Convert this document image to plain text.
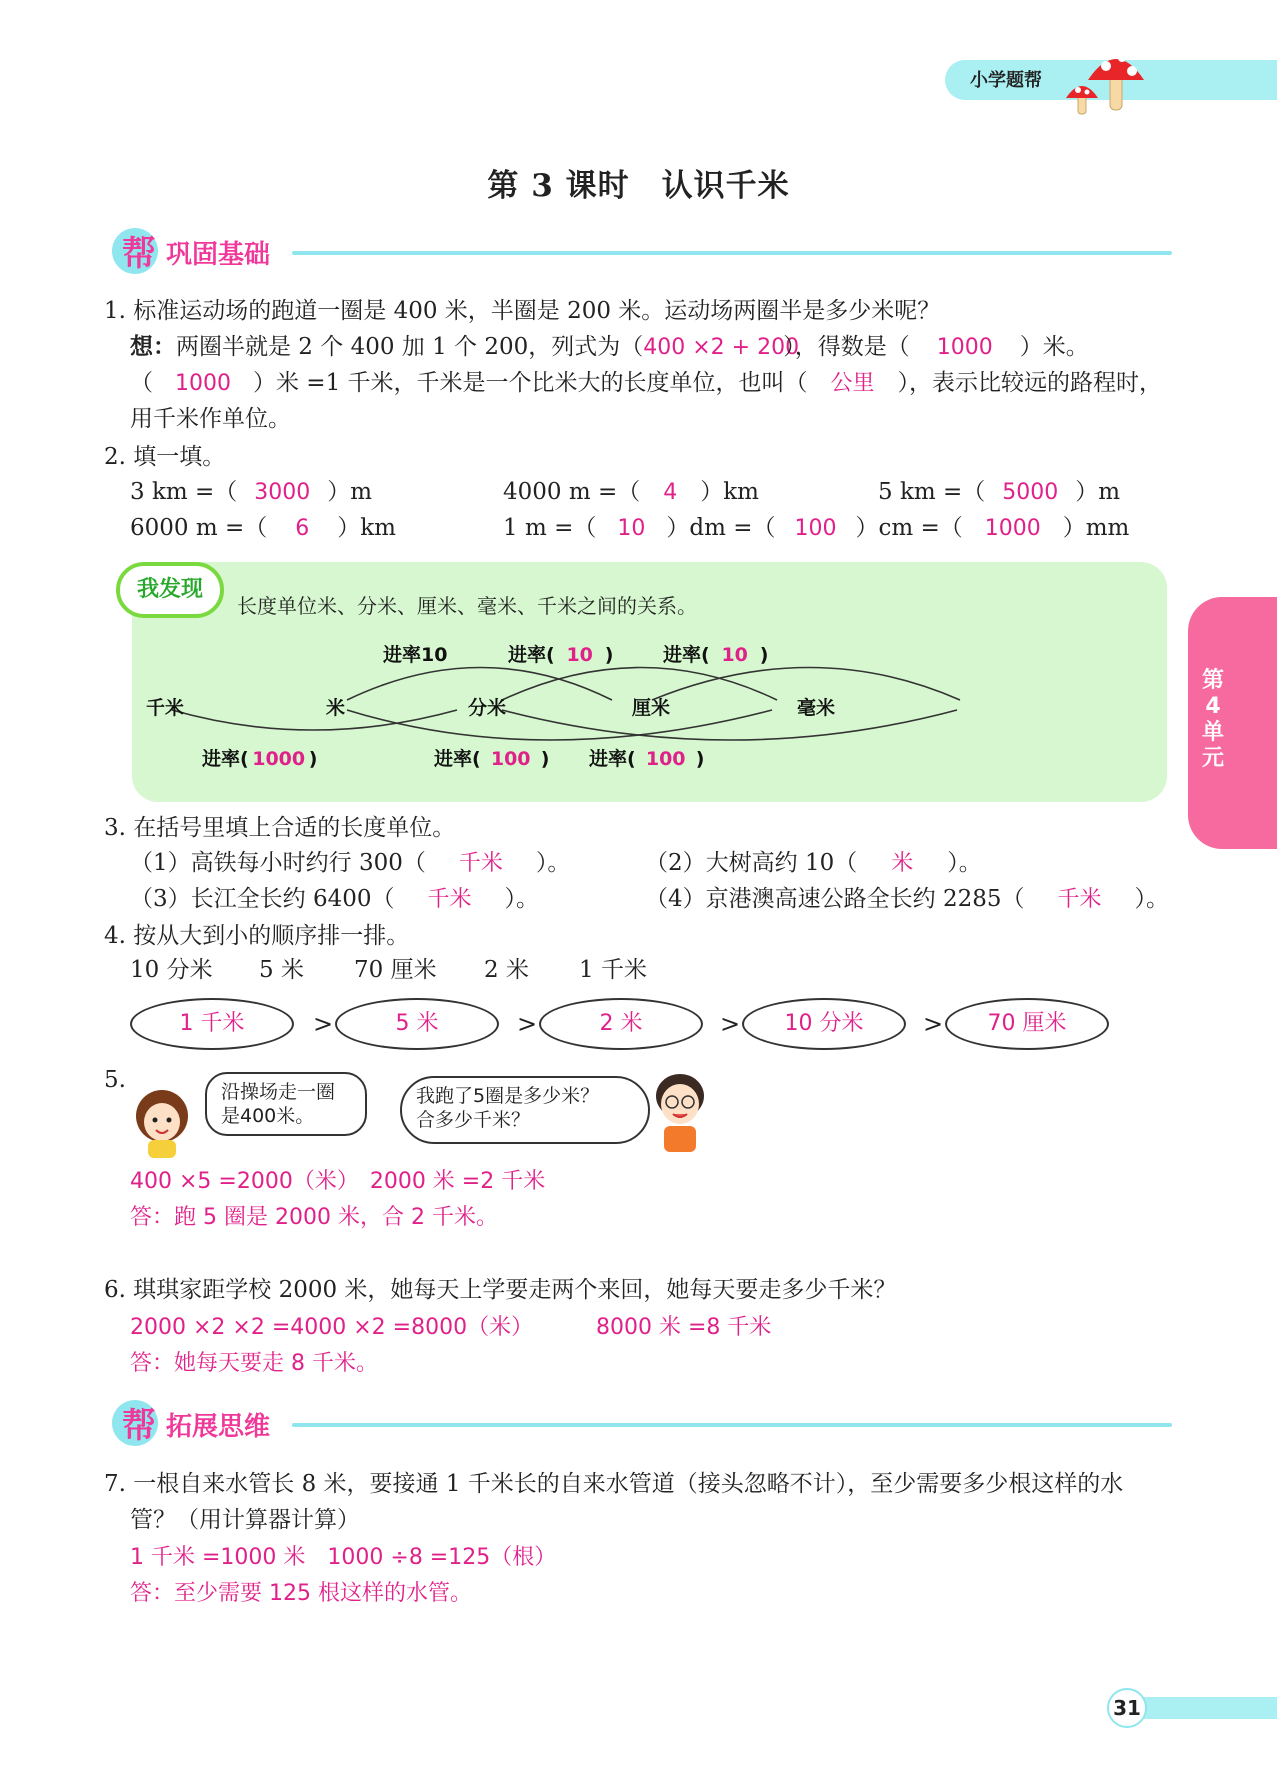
小学题帮
第 3 课时　认识千米
帮 巩固基础
1. 标准运动场的跑道一圈是 400 米，半圈是 200 米。运动场两圈半是多少米呢？
想：两圈半就是 2 个 400 加 1 个 200，列式为（400 ×2 + 200），得数是（ 1000 ）米。
（ 1000 ）米 =1 千米，千米是一个比米大的长度单位，也叫（ 公里 ），表示比较远的路程时，
用千米作单位。
2. 填一填。
3 km =（ 3000 ）m	4000 m =（ 4 ）km	5 km =（ 5000 ）m
6000 m =（ 6 ）km	1 m =（ 10 ）dm =（ 100 ）cm =（ 1000 ）mm
我发现
长度单位米、分米、厘米、毫米、千米之间的关系。
进率10	进率( 10 )	进率( 10 )
千米	米	分米	厘米	毫米
进率( 1000 )	进率( 100 ) 进率( 100 )
第4单元
3. 在括号里填上合适的长度单位。
（1）高铁每小时约行 300（ 千米 ）。	（2）大树高约 10（ 米 ）。
（3）长江全长约 6400（ 千米 ）。	（4）京港澳高速公路全长约 2285（ 千米 ）。
4. 按从大到小的顺序排一排。
10 分米 5 米 70 厘米 2 米 1 千米
1 千米	>	5 米	>	2 米	>	10 分米	>	70 厘米
5.	沿操场走一圈
是400米。
我跑了5圈是多少米？
合多少千米？
400 ×5 =2000（米）　2000 米 =2 千米
答：跑 5 圈是 2000 米，合 2 千米。
6. 琪琪家距学校 2000 米，她每天上学要走两个来回，她每天要走多少千米？
2000 ×2 ×2 =4000 ×2 =8000（米）	8000 米 =8 千米
答：她每天要走 8 千米。
帮 拓展思维
7. 一根自来水管长 8 米，要接通 1 千米长的自来水管道（接头忽略不计），至少需要多少根这样的水
管？（用计算器计算）
1 千米 =1000 米　1000 ÷8 =125（根）
答：至少需要 125 根这样的水管。
31
